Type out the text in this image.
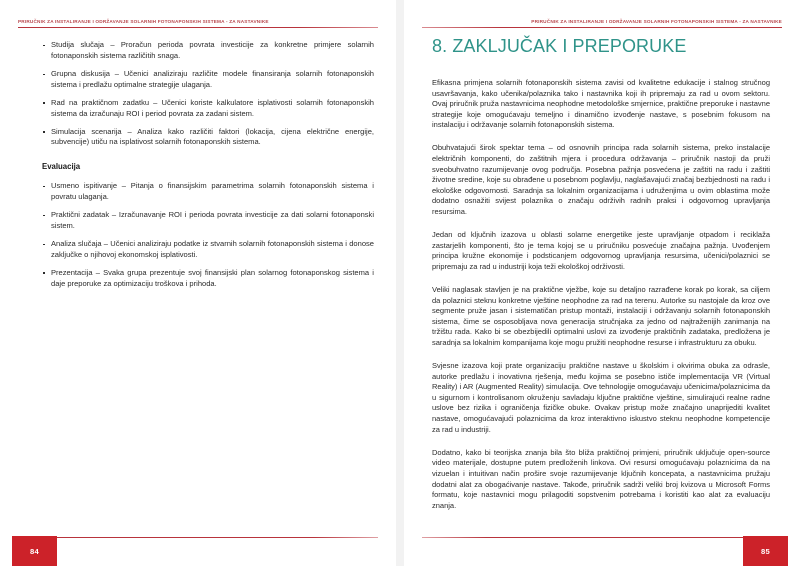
PRIRUČNIK ZA INSTALIRANJE I ODRŽAVANJE SOLARNIH FOTONAPONSKIH SISTEMA - ZA NASTAVNIKE
Studija slučaja – Proračun perioda povrata investicije za konkretne primjere solarnih fotonaponskih sistema različitih snaga.
Grupna diskusija – Učenici analiziraju različite modele finansiranja solarnih fotonaponskih sistema i predlažu optimalne strategije ulaganja.
Rad na praktičnom zadatku – Učenici koriste kalkulatore isplativosti solarnih fotonaponskih sistema da izračunaju ROI i period povrata za zadani sistem.
Simulacija scenarija – Analiza kako različiti faktori (lokacija, cijena električne energije, subvencije) utiču na isplativost solarnih fotonaponskih sistema.
Evaluacija
Usmeno ispitivanje – Pitanja o finansijskim parametrima solarnih fotonaponskih sistema i povratu ulaganja.
Praktični zadatak – Izračunavanje ROI i perioda povrata investicije za dati solarni fotonaponski sistem.
Analiza slučaja – Učenici analiziraju podatke iz stvarnih solarnih fotonaponskih sistema i donose zaključke o njihovoj ekonomskoj isplativosti.
Prezentacija – Svaka grupa prezentuje svoj finansijski plan solarnog fotonaponskog sistema i daje preporuke za optimizaciju troškova i prihoda.
84
PRIRUČNIK ZA INSTALIRANJE I ODRŽAVANJE SOLARNIH FOTONAPONSKIH SISTEMA - ZA NASTAVNIKE
8. ZAKLJUČAK I PREPORUKE

Efikasna primjena solarnih fotonaponskih sistema zavisi od kvalitetne edukacije i stalnog stručnog usavršavanja, kako učenika/polaznika tako i nastavnika koji ih pripremaju za rad u ovom sektoru. Ovaj priručnik pruža nastavnicima neophodne metodološke smjernice, praktične preporuke i nastavne strategije koje omogućavaju temeljno i dinamično izvođenje nastave, s posebnim fokusom na instalaciju i održavanje solarnih fotonaponskih sistema.

Obuhvatajući širok spektar tema – od osnovnih principa rada solarnih sistema, preko instalacije električnih komponenti, do zaštitnih mjera i procedura održavanja – priručnik nastoji da pruži sveobuhvatno razumijevanje ovog područja. Posebna pažnja posvećena je zaštiti na radu i zaštiti životne sredine, koje su obrađene u posebnom poglavlju, naglašavajući značaj bezbjednosti na radu i ekološke odgovornosti. Saradnja sa lokalnim organizacijama i udruženjima u ovim oblastima može dodatno osnažiti svijest polaznika o značaju održivih radnih praksi i odgovornog upravljanja resursima.

Jedan od ključnih izazova u oblasti solarne energetike jeste upravljanje otpadom i reciklaža zastarjelih komponenti, što je tema kojoj se u priručniku posvećuje značajna pažnja. Uvođenjem principa kružne ekonomije i podsticanjem odgovornog upravljanja resursima, učenici/polaznici se pripremaju za rad u industriji koja teži ekološkoj održivosti.

Veliki naglasak stavljen je na praktične vježbe, koje su detaljno razrađene korak po korak, sa ciljem da polaznici steknu konkretne vještine neophodne za rad na terenu. Autorke su nastojale da kroz ove segmente pruže jasan i sistematičan pristup montaži, instalaciji i održavanju solarnih fotonaponskih sistema, čime se osposobljava nova generacija stručnjaka za jedno od najtraženijih zanimanja na tržištu rada. Kako bi se obezbijedili optimalni uslovi za izvođenje praktičnih zadataka, predložena je saradnja sa lokalnim kompanijama koje mogu pružiti neophodne resurse i infrastrukturu za obuku.

Svjesne izazova koji prate organizaciju praktične nastave u školskim i okvirima obuka za odrasle, autorke predlažu i inovativna rješenja, među kojima se posebno ističe implementacija VR (Virtual Reality) i AR (Augmented Reality) simulacija. Ove tehnologije omogućavaju učenicima/polaznicima da u sigurnom i kontrolisanom okruženju savladaju ključne praktične vještine, simulirajući realne radne uslove bez rizika i ograničenja fizičke obuke. Ovakav pristup može značajno unaprijediti kvalitet nastave, omogućavajući polaznicima da kroz interaktivno iskustvo steknu neophodne kompetencije za rad u industriji.

Dodatno, kako bi teorijska znanja bila što bliža praktičnoj primjeni, priručnik uključuje open-source video materijale, dostupne putem predloženih linkova. Ovi resursi omogućavaju polaznicima da na vizuelan i intuitivan način prošire svoje razumijevanje ključnih koncepata, a nastavnicima pružaju dodatni alat za obogaćivanje nastave. Takođe, priručnik sadrži veliki broj kvizova u Microsoft Forms formatu, koje nastavnici mogu prilagoditi sopstvenim potrebama i koristiti kao alat za evaluaciju znanja.

85
